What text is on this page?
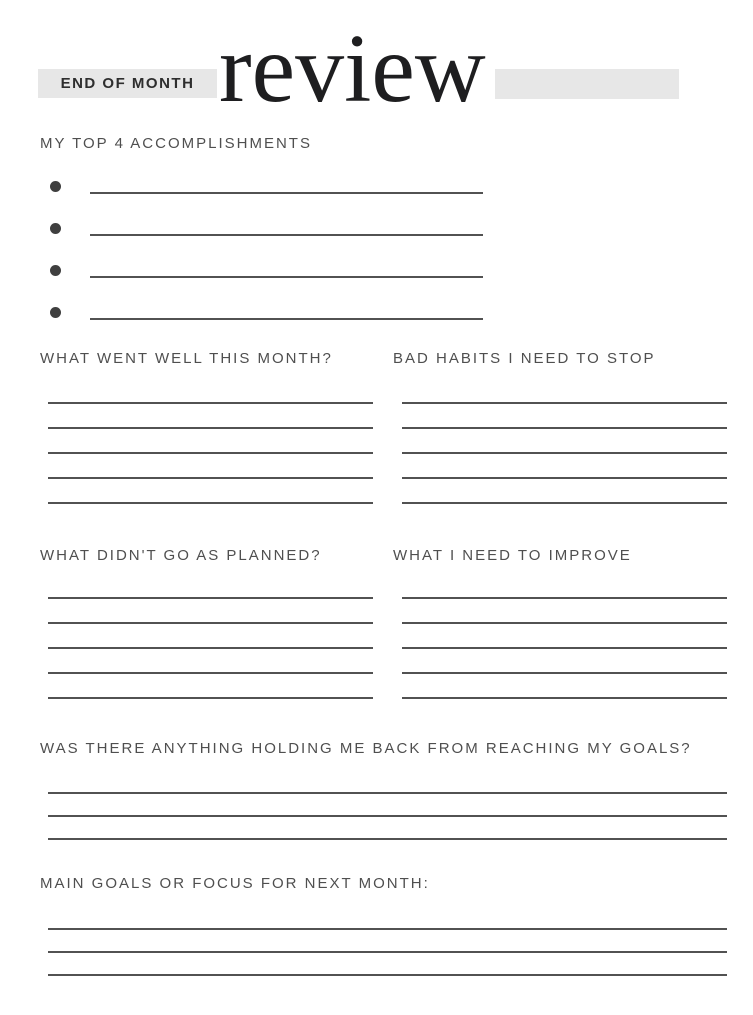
END OF MONTH review
MY TOP 4 ACCOMPLISHMENTS
WHAT WENT WELL THIS MONTH?	BAD HABITS I NEED TO STOP
WHAT DIDN'T GO AS PLANNED?	WHAT I NEED TO IMPROVE
WAS THERE ANYTHING HOLDING ME BACK FROM REACHING MY GOALS?
MAIN GOALS OR FOCUS FOR NEXT MONTH:
